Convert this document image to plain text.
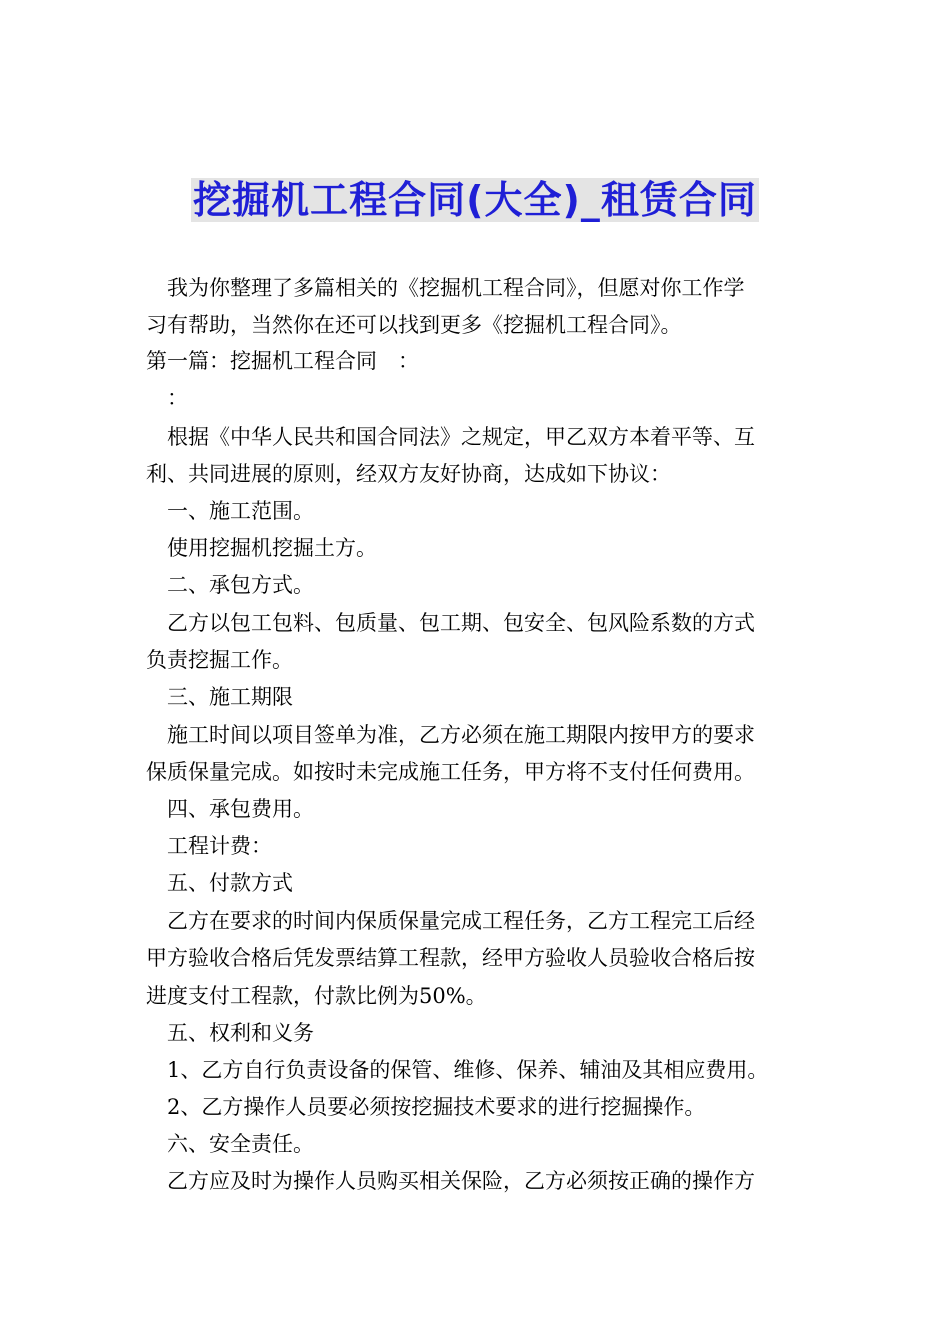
挖掘机工程合同(大全)_租赁合同

我为你整理了多篇相关的《挖掘机工程合同》，但愿对你工作学

习有帮助，当然你在还可以找到更多《挖掘机工程合同》。

第一篇：挖掘机工程合同　：

：

根据《中华人民共和国合同法》之规定，甲乙双方本着平等、互

利、共同进展的原则，经双方友好协商，达成如下协议：

一、施工范围。

使用挖掘机挖掘土方。

二、承包方式。

乙方以包工包料、包质量、包工期、包安全、包风险系数的方式

负责挖掘工作。

三、施工期限

施工时间以项目签单为准，乙方必须在施工期限内按甲方的要求

保质保量完成。如按时未完成施工任务，甲方将不支付任何费用。

四、承包费用。

工程计费：

五、付款方式

乙方在要求的时间内保质保量完成工程任务，乙方工程完工后经

甲方验收合格后凭发票结算工程款，经甲方验收人员验收合格后按

进度支付工程款，付款比例为50%。

五、权利和义务

1、乙方自行负责设备的保管、维修、保养、辅油及其相应费用。

2、乙方操作人员要必须按挖掘技术要求的进行挖掘操作。

六、安全责任。

乙方应及时为操作人员购买相关保险，乙方必须按正确的操作方
